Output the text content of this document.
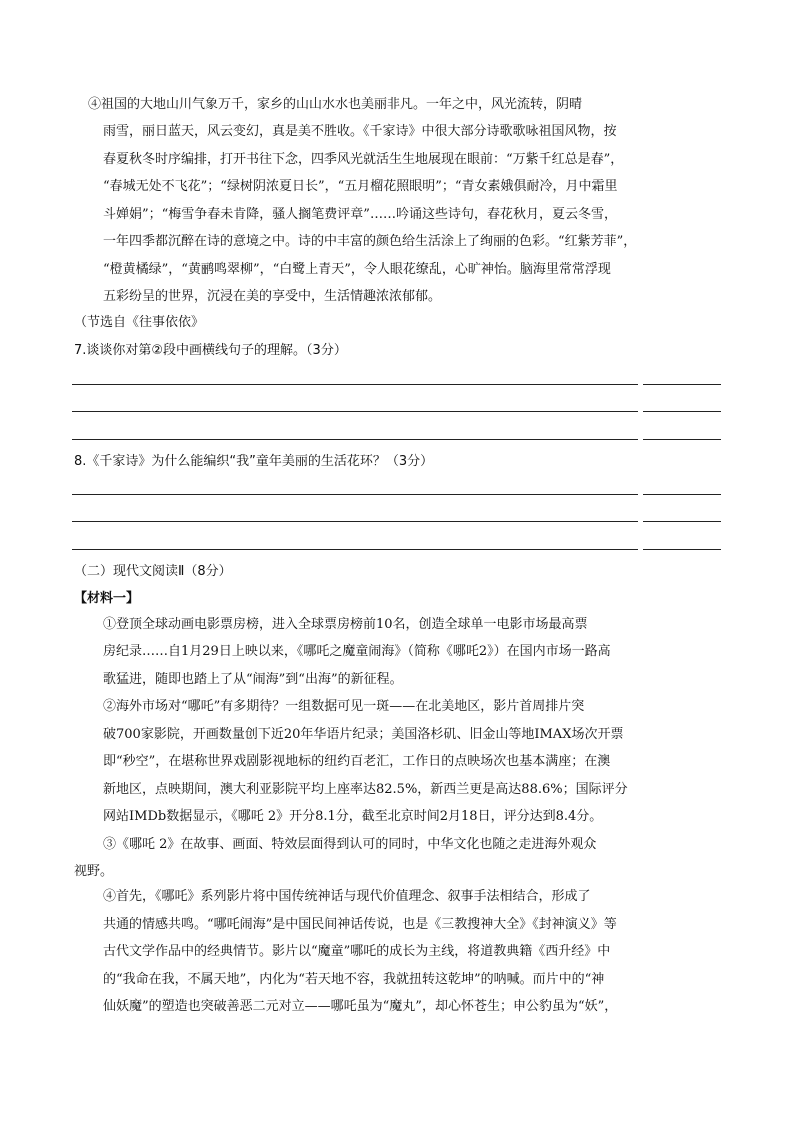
④祖国的大地山川气象万千，家乡的山山水水也美丽非凡。一年之中，风光流转，阴晴
雨雪，丽日蓝天，风云变幻，真是美不胜收。《千家诗》中很大部分诗歌歌咏祖国风物，按
春夏秋冬时序编排，打开书往下念，四季风光就活生生地展现在眼前：“万紫千红总是春”，
“春城无处不飞花”；“绿树阴浓夏日长”，“五月榴花照眼明”；“青女素娥俱耐冷，月中霜里
斗婵娟”；“梅雪争春未肯降，骚人搁笔费评章”……吟诵这些诗句，春花秋月，夏云冬雪，
一年四季都沉醉在诗的意境之中。诗的中丰富的颜色给生活涂上了绚丽的色彩。“红紫芳菲”，
“橙黄橘绿”，“黄鹂鸣翠柳”，“白鹭上青天”，令人眼花缭乱，心旷神怡。脑海里常常浮现
五彩纷呈的世界，沉浸在美的享受中，生活情趣浓浓郁郁。
（节选自《往事依依》
7.谈谈你对第②段中画横线句子的理解。（3分）
8.《千家诗》为什么能编织“我”童年美丽的生活花环？（3分）
（二）现代文阅读Ⅱ（8分）
【材料一】
①登顶全球动画电影票房榜，进入全球票房榜前10名，创造全球单一电影市场最高票
房纪录……自1月29日上映以来，《哪吒之魔童闹海》（简称《哪吒2》）在国内市场一路高
歌猛进，随即也踏上了从“闹海”到“出海”的新征程。
②海外市场对“哪吒”有多期待？一组数据可见一斑——在北美地区，影片首周排片突
破700家影院，开画数量创下近20年华语片纪录；美国洛杉矶、旧金山等地IMAX场次开票
即“秒空”，在堪称世界戏剧影视地标的纽约百老汇，工作日的点映场次也基本满座；在澳
新地区，点映期间，澳大利亚影院平均上座率达82.5%，新西兰更是高达88.6%；国际评分
网站IMDb数据显示，《哪吒 2》开分8.1分，截至北京时间2月18日，评分达到8.4分。
③《哪吒 2》在故事、画面、特效层面得到认可的同时，中华文化也随之走进海外观众
视野。
④首先，《哪吒》系列影片将中国传统神话与现代价值理念、叙事手法相结合，形成了
共通的情感共鸣。“哪吒闹海”是中国民间神话传说，也是《三教搜神大全》《封神演义》等
古代文学作品中的经典情节。影片以“魔童”哪吒的成长为主线，将道教典籍《西升经》中
的“我命在我，不属天地”，内化为“若天地不容，我就扭转这乾坤”的呐喊。而片中的“神
仙妖魔”的塑造也突破善恶二元对立——哪吒虽为“魔丸”，却心怀苍生；申公豹虽为“妖”，
